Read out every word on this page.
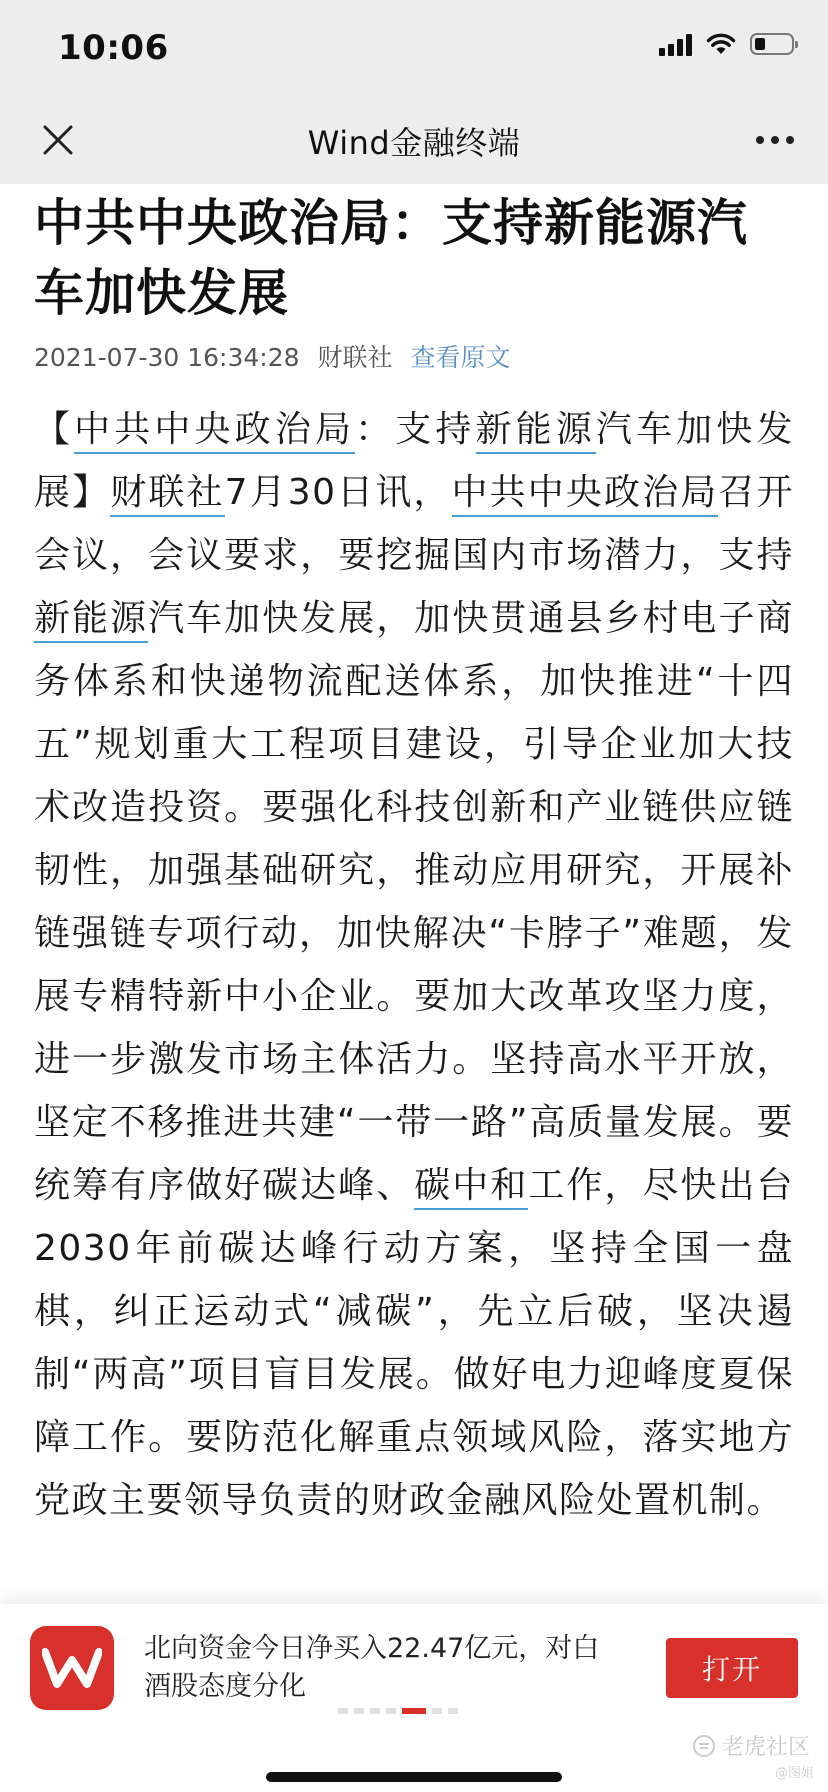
10:06
Wind金融终端
中共中央政治局：支持新能源汽车加快发展
2021-07-30 16:34:28 财联社 查看原文
【中共中央政治局：支持新能源汽车加快发展】财联社7月30日讯，中共中央政治局召开会议，会议要求，要挖掘国内市场潜力，支持新能源汽车加快发展，加快贯通县乡村电子商务体系和快递物流配送体系，加快推进“十四五”规划重大工程项目建设，引导企业加大技术改造投资。要强化科技创新和产业链供应链韧性，加强基础研究，推动应用研究，开展补链强链专项行动，加快解决“卡脖子”难题，发展专精特新中小企业。要加大改革攻坚力度，进一步激发市场主体活力。坚持高水平开放，坚定不移推进共建“一带一路”高质量发展。要统筹有序做好碳达峰、碳中和工作，尽快出台2030年前碳达峰行动方案，坚持全国一盘棋，纠正运动式“减碳”，先立后破，坚决遏制“两高”项目盲目发展。做好电力迎峰度夏保障工作。要防范化解重点领域风险，落实地方党政主要领导负责的财政金融风险处置机制。
北向资金今日净买入22.47亿元，对白酒股态度分化
打开
老虎社区
@图姐
